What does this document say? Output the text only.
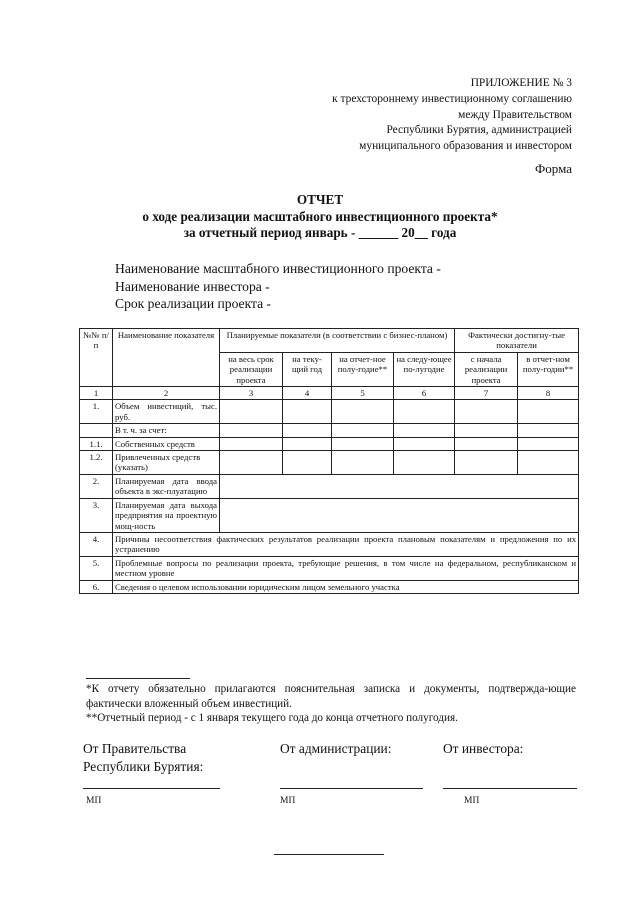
ПРИЛОЖЕНИЕ № 3
к трехстороннему инвестиционному соглашению
между Правительством
Республики Бурятия, администрацией
муниципального образования и инвестором
Форма
ОТЧЕТ
о ходе реализации масштабного инвестиционного проекта*
за отчетный период январь - ______ 20__ года
Наименование масштабного инвестиционного проекта -
Наименование инвестора -
Срок реализации проекта -
№№ п/п	Наименование показателя	Планируемые показатели (в соответствии с бизнес-планом)				Фактически достигну-тые показатели	
		на весь срок реализации проекта	на теку-щий год	на отчет-ное полу-годие**	на следу-ющее по-лугодие	с начала реализации проекта	в отчет-ном полу-годии**
1	2	3	4	5	6	7	8
1.	Объем инвестиций, тыс. руб.						
	В т. ч. за счет:						
1.1.	Собственных средств						
1.2.	Привлеченных средств (указать)						
2.	Планируемая дата ввода объекта в экс-плуатацию						
3.	Планируемая дата выхода предприятия на проектную мощ-ность						
4.	Причины несоответствия фактических результатов реализации проекта плановым показателям и предложения по их устранению						
5.	Проблемные вопросы по реализации проекта, требующие решения, в том числе на федеральном, республиканском и местном уровне						
6.	Сведения о целевом использовании юридическим лицом земельного участка						
*К отчету обязательно прилагаются пояснительная записка и документы, подтвержда-ющие фактически вложенный объем инвестиций.
**Отчетный период - с 1 января текущего года до конца отчетного полугодия.
От Правительства
Республики Бурятия:
От администрации:	От инвестора:
МП	МП	МП
